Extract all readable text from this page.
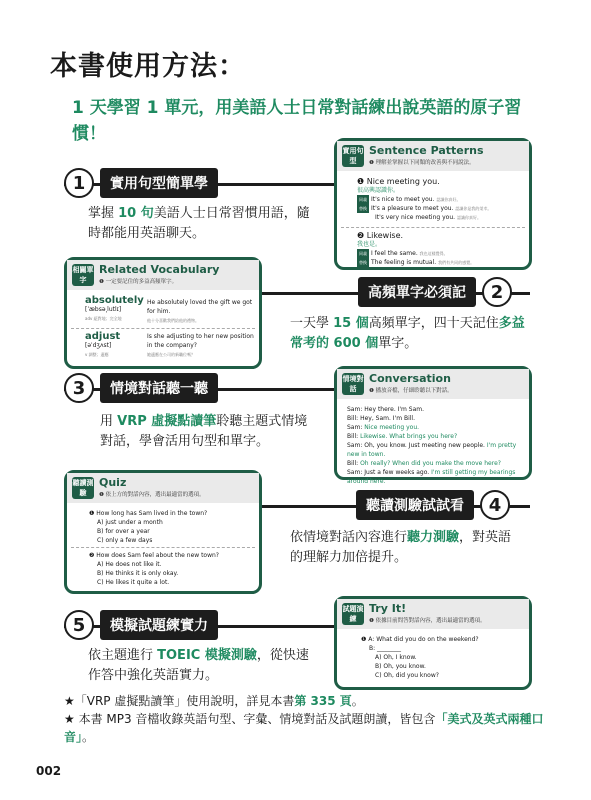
本書使用方法：
1 天學習 1 單元，用美語人士日常對話練出說英語的原子習慣！
1	實用句型簡單學
掌握 10 句美語人士日常習慣用語，隨時都能用英語聊天。
實用句型
Sentence Patterns
❶ 理解並掌握以下同類的改善與不同說法。
❶ Nice meeting you.
很高興認識你。
同義 It's nice to meet you. 認識你真好。
替換 It's a pleasure to meet you. 認識你是我的榮幸。
It's very nice meeting you. 認識你真好。
❷ Likewise.
我也是。
同義 I feel the same. 我也這樣覺得。
替換 The feeling is mutual. 我們有共同的感覺。
相關單字
Related Vocabulary
❶ 一定要記住的多益高頻單字。
absolutely
[ˈæbsə͵lutlɪ]
adv 絕對地；完全地
He absolutely loved the gift we got for him.
他十分喜歡我們給他的禮物。
adjust
[əˈdʒʌst]
v 調整；適應
Is she adjusting to her new position in the company?
她適應在公司的新職位嗎？
高頻單字必須記	2
一天學 15 個高頻單字，四十天記住多益常考的 600 個單字。
3	情境對話聽一聽
用 VRP 虛擬點讀筆聆聽主題式情境對話，學會活用句型和單字。
情境對話
Conversation
❶ 播放音檔，仔細聆聽以下對話。
Sam: Hey there. I'm Sam.
Bill: Hey, Sam. I'm Bill.
Sam: Nice meeting you.
Bill: Likewise. What brings you here?
Sam: Oh, you know. Just meeting new people. I'm pretty new in town.
Bill: Oh really? When did you make the move here?
Sam: Just a few weeks ago. I'm still getting my bearings around here.
聽讀測驗
Quiz
❶ 依上方的對話內容，選出最適當的選項。
❶ How long has Sam lived in the town?
A) just under a month
B) for over a year
C) only a few days
❷ How does Sam feel about the new town?
A) He does not like it.
B) He thinks it is only okay.
C) He likes it quite a lot.
聽讀測驗試試看	4
依情境對話內容進行聽力測驗，對英語的理解力加倍提升。
5	模擬試題練實力
依主題進行 TOEIC 模擬測驗，從快速作答中強化英語實力。
試題演練
Try It!
❶ 依據目前問答對話內容，選出最適當的選項。
❶ A: What did you do on the weekend?
B: ________
A) Oh, I know.
B) Oh, you know.
C) Oh, did you know?
★「VRP 虛擬點讀筆」使用說明，詳見本書第 335 頁。
★ 本書 MP3 音檔收錄英語句型、字彙、情境對話及試題朗讀，皆包含「美式及英式兩種口音」。
002
